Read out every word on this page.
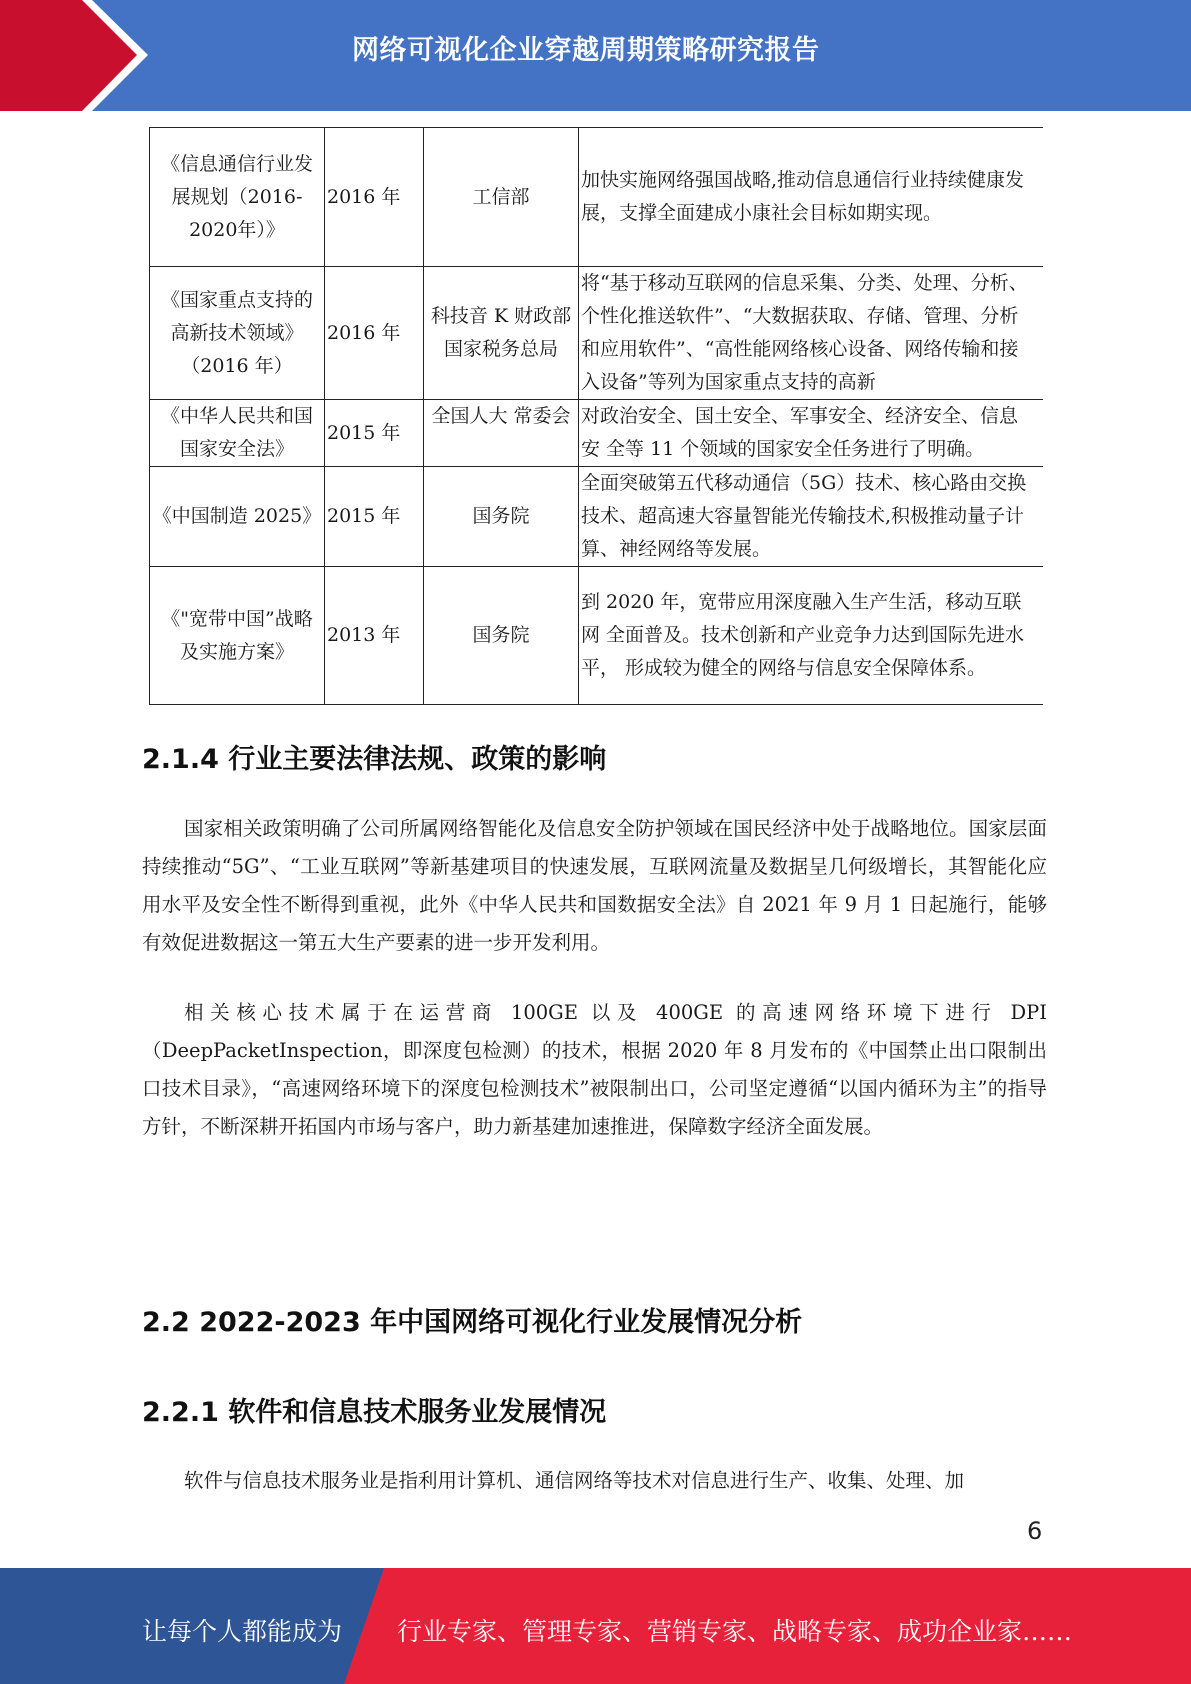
网络可视化企业穿越周期策略研究报告
《信息通信行业发展规划（2016-2020年）》	2016 年	工信部	加快实施网络强国战略,推动信息通信行业持续健康发 展，支撑全面建成小康社会目标如期实现。
《国家重点支持的高新技术领域》（2016 年）	2016 年	科技音 K 财政部 国家税务总局	将“基于移动互联网的信息采集、分类、处理、分析、 个性化推送软件”、“大数据获取、存储、管理、分析 和应用软件”、“高性能网络核心设备、网络传输和接 入设备”等列为国家重点支持的高新
《中华人民共和国国家安全法》	2015 年	全国人大 常委会	对政治安全、国土安全、军事安全、经济安全、信息安 全等 11 个领域的国家安全任务进行了明确。
《中国制造 2025》	2015 年	国务院	全面突破第五代移动通信（5G）技术、核心路由交换 技术、超高速大容量智能光传输技术,积极推动量子计 算、神经网络等发展。
《"宽带中国”战略及实施方案》	2013 年	国务院	到 2020 年，宽带应用深度融入生产生活，移动互联网 全面普及。技术创新和产业竞争力达到国际先进水平， 形成较为健全的网络与信息安全保障体系。
2.1.4 行业主要法律法规、政策的影响

国家相关政策明确了公司所属网络智能化及信息安全防护领域在国民经济中处于战略地位。国家层面持续推动“5G”、“工业互联网”等新基建项目的快速发展，互联网流量及数据呈几何级增长，其智能化应用水平及安全性不断得到重视，此外《中华人民共和国数据安全法》自 2021 年 9 月 1 日起施行，能够有效促进数据这一第五大生产要素的进一步开发利用。

相关核心技术属于在运营商 100GE 以及 400GE 的高速网络环境下进行 DPI （DeepPacketInspection，即深度包检测）的技术，根据 2020 年 8 月发布的《中国禁止出口限制出口技术目录》，“高速网络环境下的深度包检测技术”被限制出口，公司坚定遵循“以国内循环为主”的指导方针，不断深耕开拓国内市场与客户，助力新基建加速推进，保障数字经济全面发展。

2.2 2022-2023 年中国网络可视化行业发展情况分析
2.2.1 软件和信息技术服务业发展情况

软件与信息技术服务业是指利用计算机、通信网络等技术对信息进行生产、收集、处理、加

6
让每个人都能成为 行业专家、管理专家、营销专家、战略专家、成功企业家……
